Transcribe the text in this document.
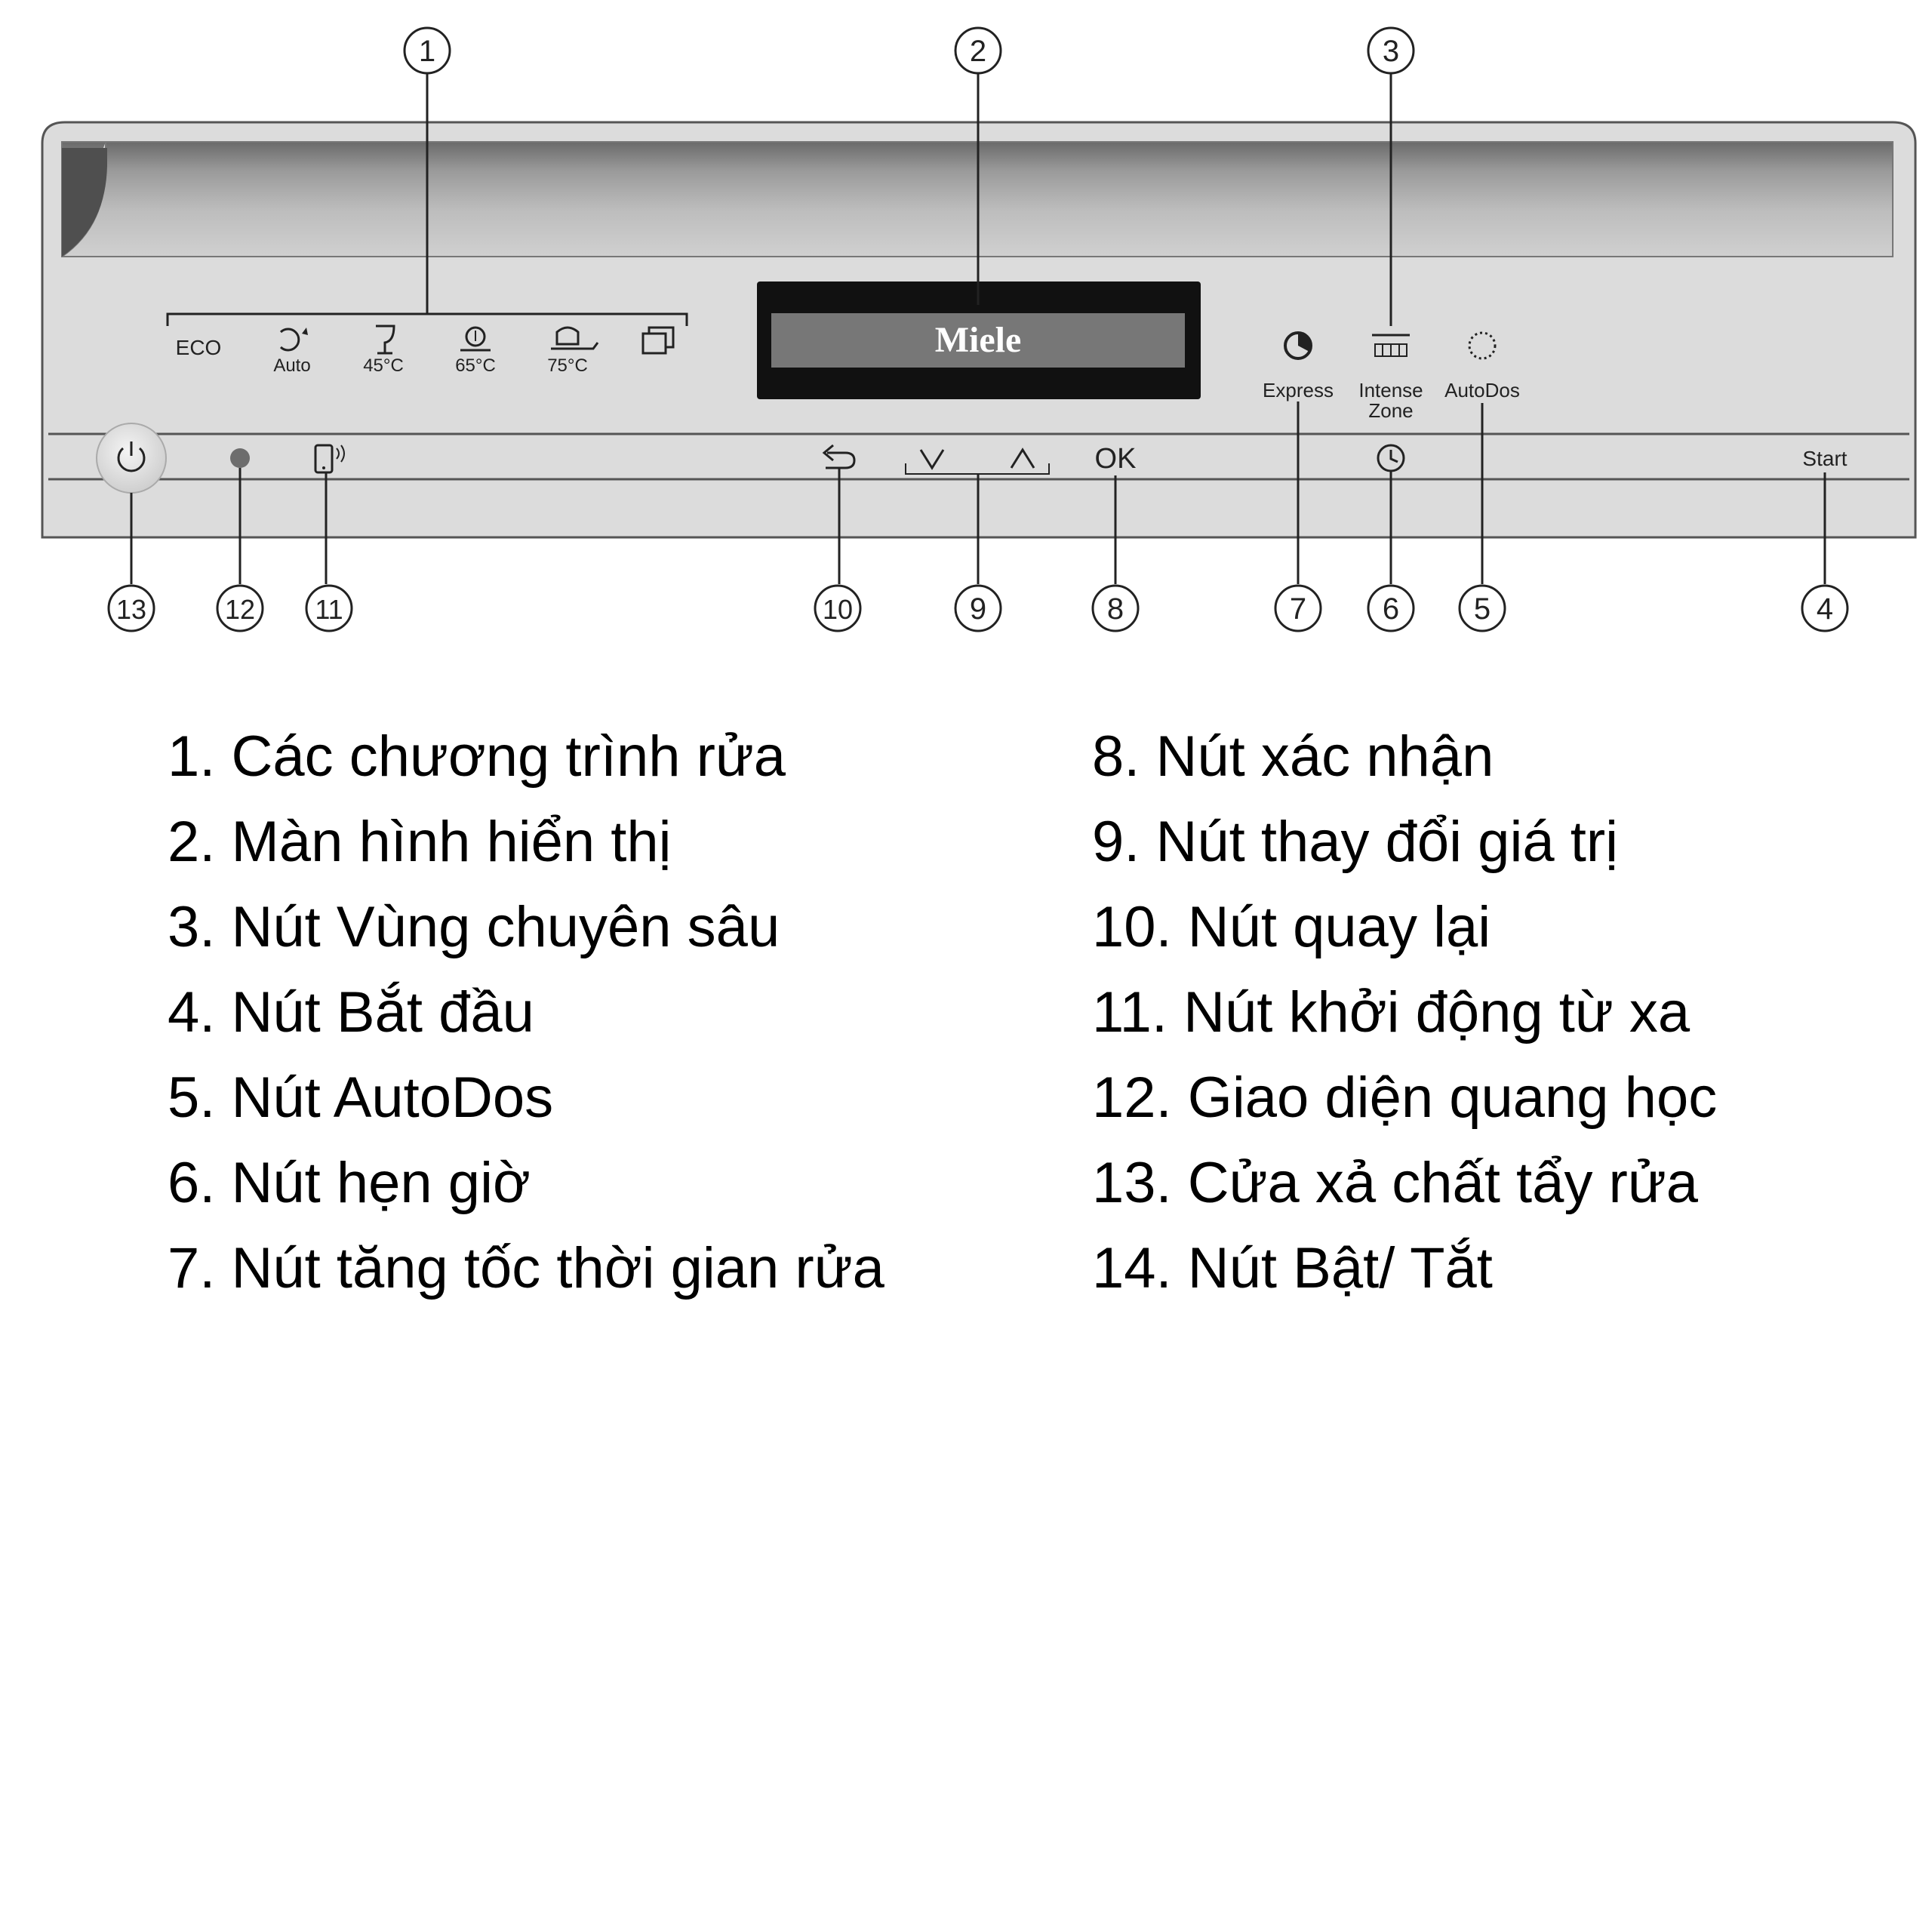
ECO
Auto	45°C	65°C	75°C
Miele
Express Intense
Zone
AutoDos
OK	Start
1	2	3
13	12 11	10	9	8	7	6 5	4
1. Các chương trình rửa
2. Màn hình hiển thị
3. Nút Vùng chuyên sâu
4. Nút Bắt đầu
5. Nút AutoDos
6. Nút hẹn giờ
7. Nút tăng tốc thời gian rửa
8. Nút xác nhận
9. Nút thay đổi giá trị
10. Nút quay lại
11. Nút khởi động từ xa
12. Giao diện quang học
13. Cửa xả chất tẩy rửa
14. Nút Bật/ Tắt
